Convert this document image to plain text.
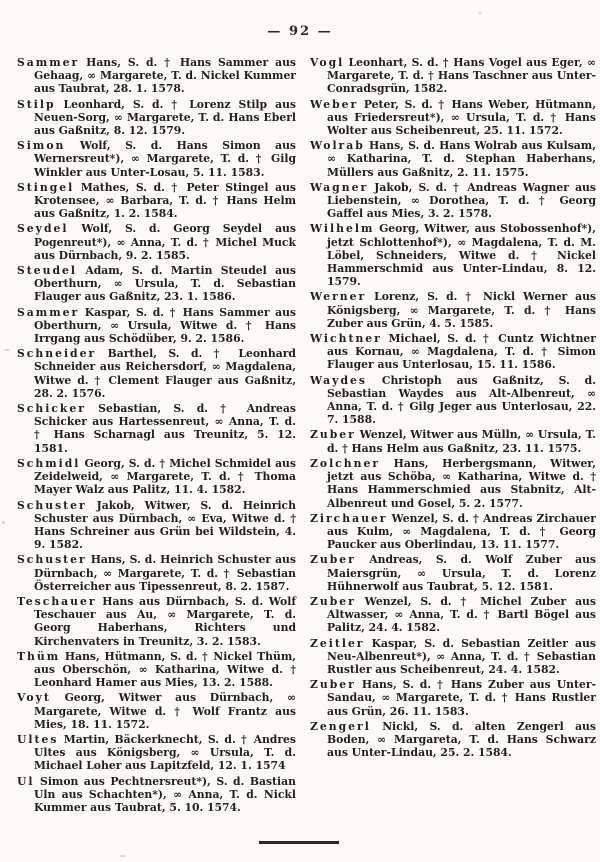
— 92 —

Sammer Hans, S. d. † Hans Sammer aus Gehaag, ∞ Margarete, T. d. Nickel Kummer aus Taubrat, 28. 1. 1578.

Stilp Leonhard, S. d. † Lorenz Stilp aus Neuen-Sorg, ∞ Margarete, T. d. Hans Eberl aus Gaßnitz, 8. 12. 1579.

Simon Wolf, S. d. Hans Simon aus Wernersreut*), ∞ Margarete, T. d. † Gilg Winkler aus Unter-Losau, 5. 11. 1583.

Stingel Mathes, S. d. † Peter Stingel aus Krotensee, ∞ Barbara, T. d. † Hans Helm aus Gaßnitz, 1. 2. 1584.

Seydel Wolf, S. d. Georg Seydel aus Pogenreut*), ∞ Anna, T. d. † Michel Muck aus Dürnbach, 9. 2. 1585.

Steudel Adam, S. d. Martin Steudel aus Oberthurn, ∞ Ursula, T. d. Sebastian Flauger aus Gaßnitz, 23. 1. 1586.

Sammer Kaspar, S. d. † Hans Sammer aus Oberthurn, ∞ Ursula, Witwe d. † Hans Irrgang aus Schödüber, 9. 2. 1586.

Schneider Barthel, S. d. † Leonhard Schneider aus Reichersdorf, ∞ Magdalena, Witwe d. † Clement Flauger aus Gaßnitz, 28. 2. 1576.

Schicker Sebastian, S. d. † Andreas Schicker aus Hartessenreut, ∞ Anna, T. d. † Hans Scharnagl aus Treunitz, 5. 12. 1581.

Schmidl Georg, S. d. † Michel Schmidel aus Zeidelweid, ∞ Margarete, T. d. † Thoma Mayer Walz aus Palitz, 11. 4. 1582.

Schuster Jakob, Witwer, S. d. Heinrich Schuster aus Dürnbach, ∞ Eva, Witwe d. † Hans Schreiner aus Grün bei Wildstein, 4. 9. 1582.

Schuster Hans, S. d. Heinrich Schuster aus Dürnbach, ∞ Margarete, T. d. † Sebastian Österreicher aus Tipessenreut, 8. 2. 1587.

Teschauer Hans aus Dürnbach, S. d. Wolf Teschauer aus Au, ∞ Margarete, T. d. Georg Haberhans, Richters und Kirchenvaters in Treunitz, 3. 2. 1583.

Thüm Hans, Hütmann, S. d. † Nickel Thüm, aus Oberschön, ∞ Katharina, Witwe d. † Leonhard Hamer aus Mies, 13. 2. 1588.

Voyt Georg, Witwer aus Dürnbach, ∞ Margarete, Witwe d. † Wolf Frantz aus Mies, 18. 11. 1572.

Ultes Martin, Bäckerknecht, S. d. † Andres Ultes aus Königsberg, ∞ Ursula, T. d. Michael Loher aus Lapitzfeld, 12. 1. 1574

Ul Simon aus Pechtnersreut*), S. d. Bastian Uln aus Schachten*), ∞ Anna, T. d. Nickl Kummer aus Taubrat, 5. 10. 1574.

Vogl Leonhart, S. d. † Hans Vogel aus Eger, ∞ Margarete, T. d. † Hans Taschner aus Unter-Conradsgrün, 1582.

Weber Peter, S. d. † Hans Weber, Hütmann, aus Friedersreut*), ∞ Ursula, T. d. † Hans Wolter aus Scheibenreut, 25. 11. 1572.

Wolrab Hans, S. d. Hans Wolrab aus Kulsam, ∞ Katharina, T. d. Stephan Haberhans, Müllers aus Gaßnitz, 2. 11. 1575.

Wagner Jakob, S. d. † Andreas Wagner aus Liebenstein, ∞ Dorothea, T. d. † Georg Gaffel aus Mies, 3. 2. 1578.

Wilhelm Georg, Witwer, aus Stobossenhof*), jetzt Schlottenhof*), ∞ Magdalena, T. d. M. Löbel, Schneiders, Witwe d. † Nickel Hammerschmid aus Unter-Lindau, 8. 12. 1579.

Werner Lorenz, S. d. † Nickl Werner aus Königsberg, ∞ Margarete, T. d. † Hans Zuber aus Grün, 4. 5. 1585.

Wichtner Michael, S. d. † Cuntz Wichtner aus Kornau, ∞ Magdalena, T. d. † Simon Flauger aus Unterlosau, 15. 11. 1586.

Waydes Christoph aus Gaßnitz, S. d. Sebastian Waydes aus Alt-Albenreut, ∞ Anna, T. d. † Gilg Jeger aus Unterlosau, 22. 7. 1588.

Zuber Wenzel, Witwer aus Mülln, ∞ Ursula, T. d. † Hans Helm aus Gaßnitz, 23. 11. 1575.

Zolchner Hans, Herbergsmann, Witwer, jetzt aus Schöba, ∞ Katharina, Witwe d. † Hans Hammerschmied aus Stabnitz, Alt-Albenreut und Gosel, 5. 2. 1577.

Zirchauer Wenzel, S. d. † Andreas Zirchauer aus Kulm, ∞ Magdalena, T. d. † Georg Paucker aus Oberlindau, 13. 11. 1577.

Zuber Andreas, S. d. Wolf Zuber aus Maiersgrün, ∞ Ursula, T. d. Lorenz Hühnerwolf aus Taubrat, 5. 12. 1581.

Zuber Wenzel, S. d. † Michel Zuber aus Altwasser, ∞ Anna, T. d. † Bartl Bögel aus Palitz, 24. 4. 1582.

Zeitler Kaspar, S. d. Sebastian Zeitler aus Neu-Albenreut*), ∞ Anna, T. d. † Sebastian Rustler aus Scheibenreut, 24. 4. 1582.

Zuber Hans, S. d. † Hans Zuber aus Unter-Sandau, ∞ Margarete, T. d. † Hans Rustler aus Grün, 26. 11. 1583.

Zengerl Nickl, S. d. alten Zengerl aus Boden, ∞ Margareta, T. d. Hans Schwarz aus Unter-Lindau, 25. 2. 1584.
